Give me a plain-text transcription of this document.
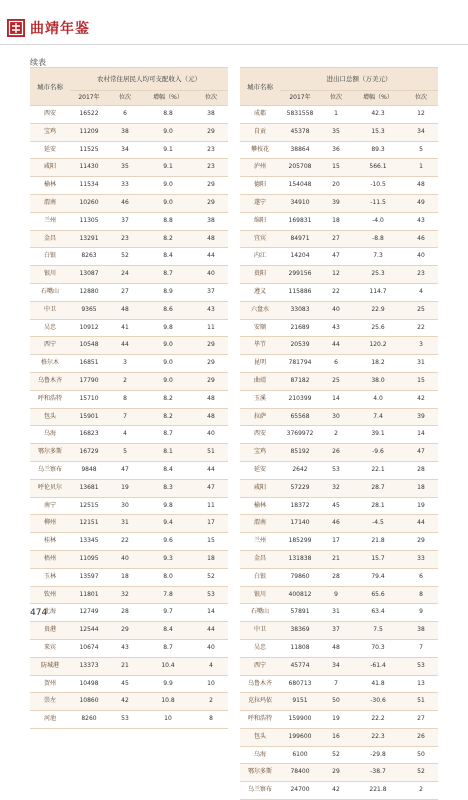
曲靖年鉴
续表
城市名称	农村常住居民人均可支配收入（元）			
	2017年	位次	增幅（%）	位次
西安	16522	6	8.8	38
宝鸡	11209	38	9.0	29
延安	11525	34	9.1	23
咸阳	11430	35	9.1	23
榆林	11534	33	9.0	29
渭南	10260	46	9.0	29
兰州	11305	37	8.8	38
金昌	13291	23	8.2	48
白银	8263	52	8.4	44
银川	13087	24	8.7	40
石嘴山	12880	27	8.9	37
中卫	9365	48	8.6	43
吴忠	10912	41	9.8	11
西宁	10548	44	9.0	29
格尔木	16851	3	9.0	29
乌鲁木齐	17790	2	9.0	29
呼和浩特	15710	8	8.2	48
包头	15901	7	8.2	48
乌海	16823	4	8.7	40
鄂尔多斯	16729	5	8.1	51
乌兰察布	9848	47	8.4	44
呼伦贝尔	13681	19	8.3	47
南宁	12515	30	9.8	11
柳州	12151	31	9.4	17
桂林	13345	22	9.6	15
梧州	11095	40	9.3	18
玉林	13597	18	8.0	52
钦州	11801	32	7.8	53
北海	12749	28	9.7	14
贵港	12544	29	8.4	44
来宾	10674	43	8.7	40
防城港	13373	21	10.4	4
贺州	10498	45	9.9	10
崇左	10860	42	10.8	2
河池	8260	53	10	8
城市名称	进出口总额（万美元）			
	2017年	位次	增幅（%）	位次
成都	5831558	1	42.3	12
自贡	45378	35	15.3	34
攀枝花	38864	36	89.3	5
泸州	205708	15	566.1	1
德阳	154048	20	-10.5	48
遂宁	34910	39	-11.5	49
绵阳	169831	18	-4.0	43
宜宾	84971	27	-8.8	46
内江	14204	47	7.3	40
贵阳	299156	12	25.3	23
遵义	115886	22	114.7	4
六盘水	33083	40	22.9	25
安顺	21689	43	25.6	22
毕节	20539	44	120.2	3
昆明	781794	6	18.2	31
曲靖	87182	25	38.0	15
玉溪	210399	14	4.0	42
拉萨	65568	30	7.4	39
西安	3769972	2	39.1	14
宝鸡	85192	26	-9.6	47
延安	2642	53	22.1	28
咸阳	57229	32	28.7	18
榆林	18372	45	28.1	19
渭南	17140	46	-4.5	44
兰州	185299	17	21.8	29
金昌	131838	21	15.7	33
白银	79860	28	79.4	6
银川	400812	9	65.6	8
石嘴山	57891	31	63.4	9
中卫	38369	37	7.5	38
吴忠	11808	48	70.3	7
西宁	45774	34	-61.4	53
乌鲁木齐	680713	7	41.8	13
克拉玛依	9151	50	-30.6	51
呼和浩特	159900	19	22.2	27
包头	199600	16	22.3	26
乌海	6100	52	-29.8	50
鄂尔多斯	78400	29	-38.7	52
乌兰察布	24700	42	221.8	2
474
